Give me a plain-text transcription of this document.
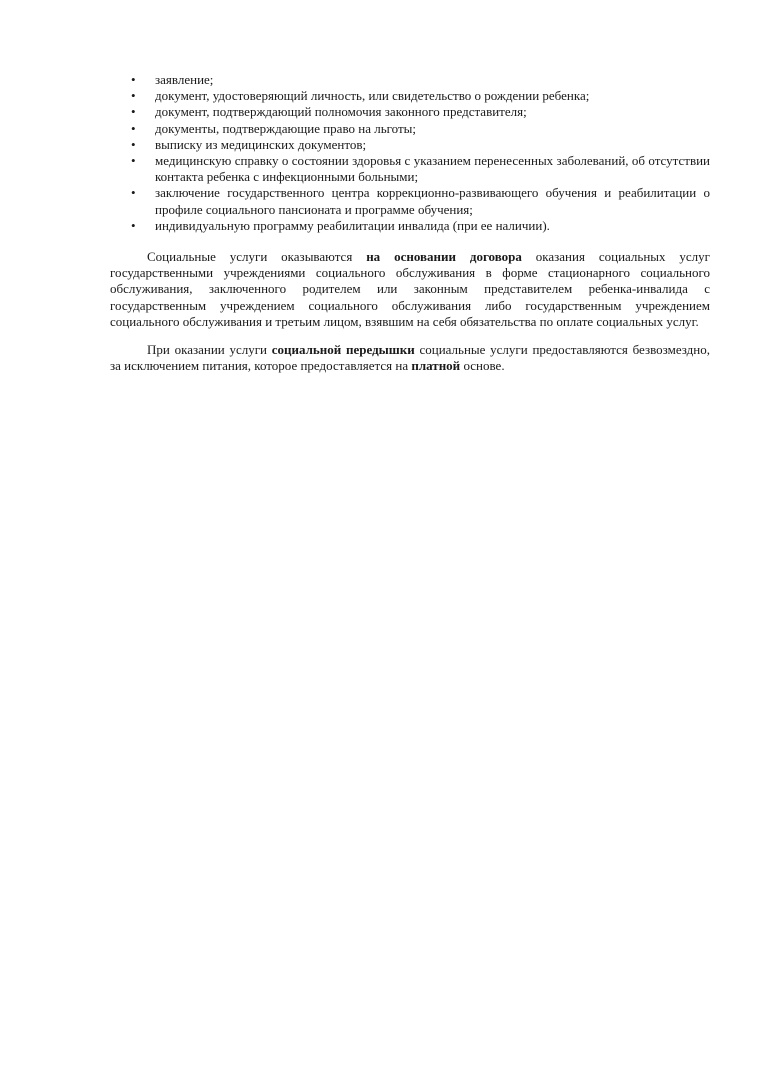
• заявление;
• документ, удостоверяющий личность, или свидетельство о рождении ребенка;
• документ, подтверждающий полномочия законного представителя;
• документы, подтверждающие право на льготы;
• выписку из медицинских документов;
• медицинскую справку о состоянии здоровья с указанием перенесенных заболеваний, об отсутствии контакта ребенка с инфекционными больными;
• заключение государственного центра коррекционно-развивающего обучения и реабилитации о профиле социального пансионата и программе обучения;
• индивидуальную программу реабилитации инвалида (при ее наличии).

Социальные услуги оказываются на основании договора оказания социальных услуг государственными учреждениями социального обслуживания в форме стационарного социального обслуживания, заключенного родителем или законным представителем ребенка-инвалида с государственным учреждением социального обслуживания либо государственным учреждением социального обслуживания и третьим лицом, взявшим на себя обязательства по оплате социальных услуг.

При оказании услуги социальной передышки социальные услуги предоставляются безвозмездно, за исключением питания, которое предоставляется на платной основе.
